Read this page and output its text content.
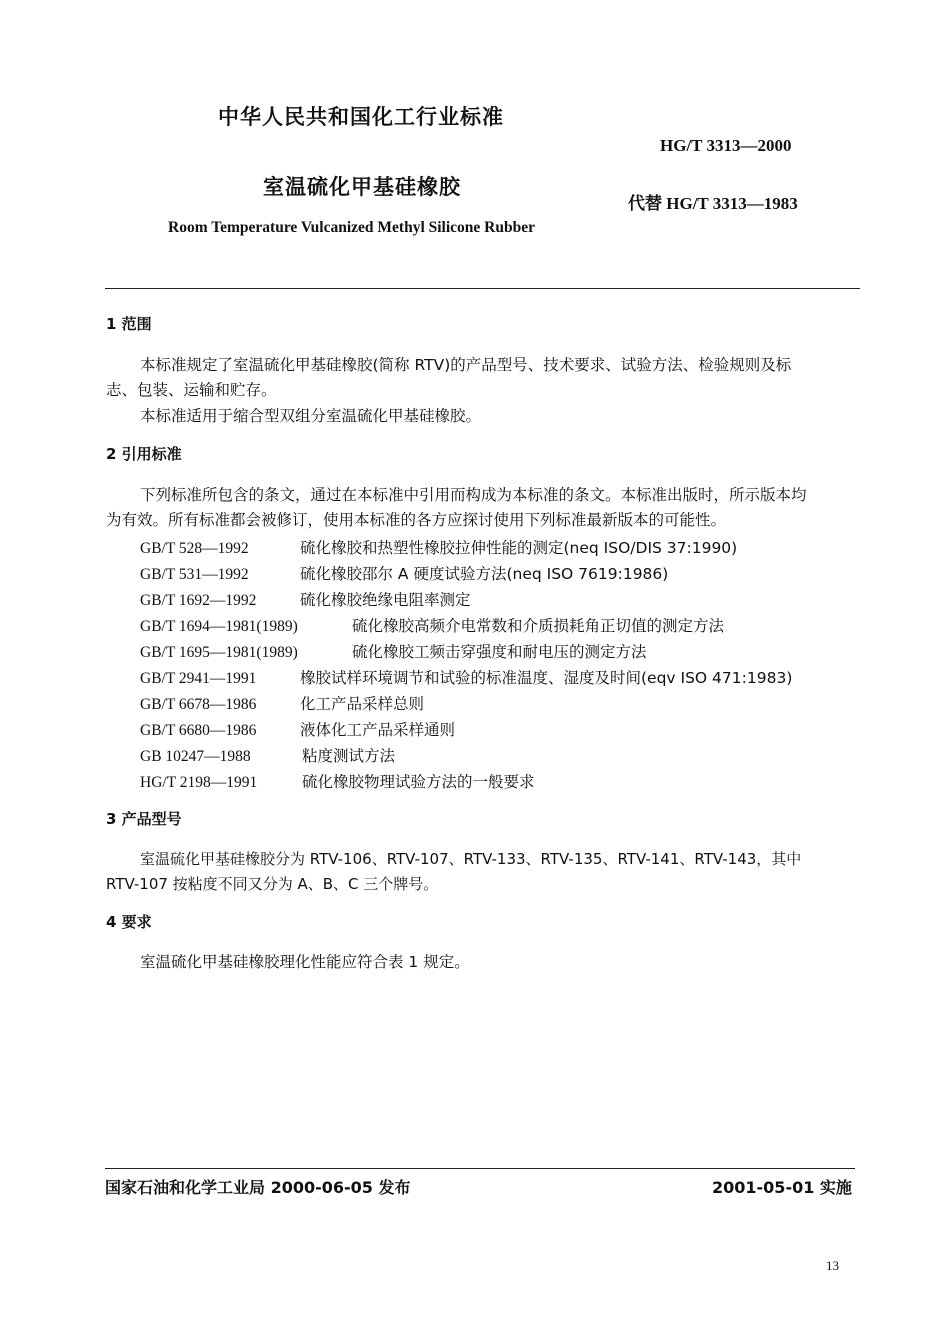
中华人民共和国化工行业标准
HG/T 3313—2000
室温硫化甲基硅橡胶
代替 HG/T 3313—1983
Room Temperature Vulcanized Methyl Silicone Rubber
1 范围
本标准规定了室温硫化甲基硅橡胶(简称 RTV)的产品型号、技术要求、试验方法、检验规则及标
志、包装、运输和贮存。
本标准适用于缩合型双组分室温硫化甲基硅橡胶。
2 引用标准
下列标准所包含的条文，通过在本标准中引用而构成为本标准的条文。本标准出版时，所示版本均
为有效。所有标准都会被修订，使用本标准的各方应探讨使用下列标准最新版本的可能性。
GB/T 528—1992	硫化橡胶和热塑性橡胶拉伸性能的测定(neq ISO/DIS 37:1990)
GB/T 531—1992	硫化橡胶邵尔 A 硬度试验方法(neq ISO 7619:1986)
GB/T 1692—1992	硫化橡胶绝缘电阻率测定
GB/T 1694—1981(1989)	硫化橡胶高频介电常数和介质损耗角正切值的测定方法
GB/T 1695—1981(1989)	硫化橡胶工频击穿强度和耐电压的测定方法
GB/T 2941—1991	橡胶试样环境调节和试验的标准温度、湿度及时间(eqv ISO 471:1983)
GB/T 6678—1986	化工产品采样总则
GB/T 6680—1986	液体化工产品采样通则
GB 10247—1988	粘度测试方法
HG/T 2198—1991	硫化橡胶物理试验方法的一般要求
3 产品型号
室温硫化甲基硅橡胶分为 RTV-106、RTV-107、RTV-133、RTV-135、RTV-141、RTV-143，其中
RTV-107 按粘度不同又分为 A、B、C 三个牌号。
4 要求
室温硫化甲基硅橡胶理化性能应符合表 1 规定。
国家石油和化学工业局 2000-06-05 发布	2001-05-01 实施
13
